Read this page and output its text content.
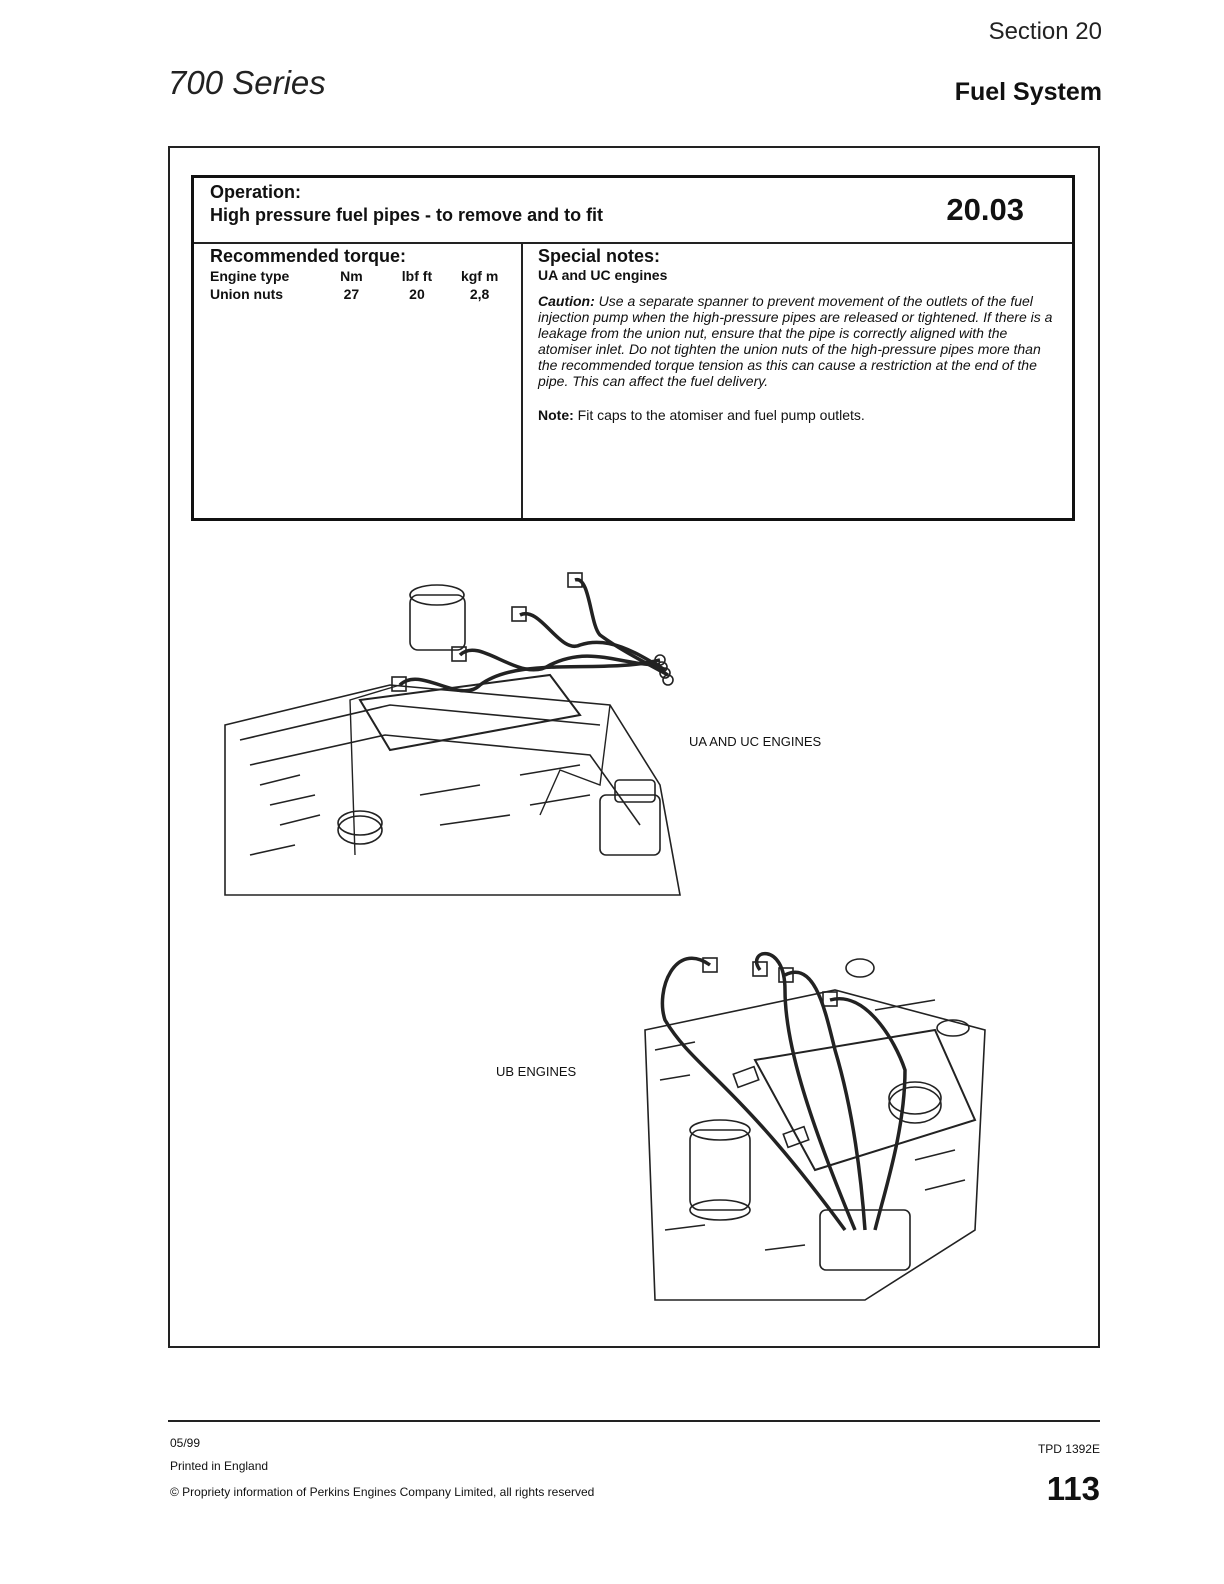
700 Series
Section 20
Fuel System
Operation:
High pressure fuel pipes - to remove and to fit	20.03
Recommended torque:
Engine type	Nm	lbf ft	kgf m
Union nuts	27	20	2,8
Special notes:
UA and UC engines
Caution: Use a separate spanner to prevent movement of the outlets of the fuel injection pump when the high-pressure pipes are released or tightened. If there is a leakage from the union nut, ensure that the pipe is correctly aligned with the atomiser inlet. Do not tighten the union nuts of the high-pressure pipes more than the recommended torque tension as this can cause a restriction at the end of the pipe. This can affect the fuel delivery.
Note: Fit caps to the atomiser and fuel pump outlets.
UA AND UC ENGINES
UB ENGINES
05/99
Printed in England
© Propriety information of Perkins Engines Company Limited, all rights reserved
TPD 1392E
113
